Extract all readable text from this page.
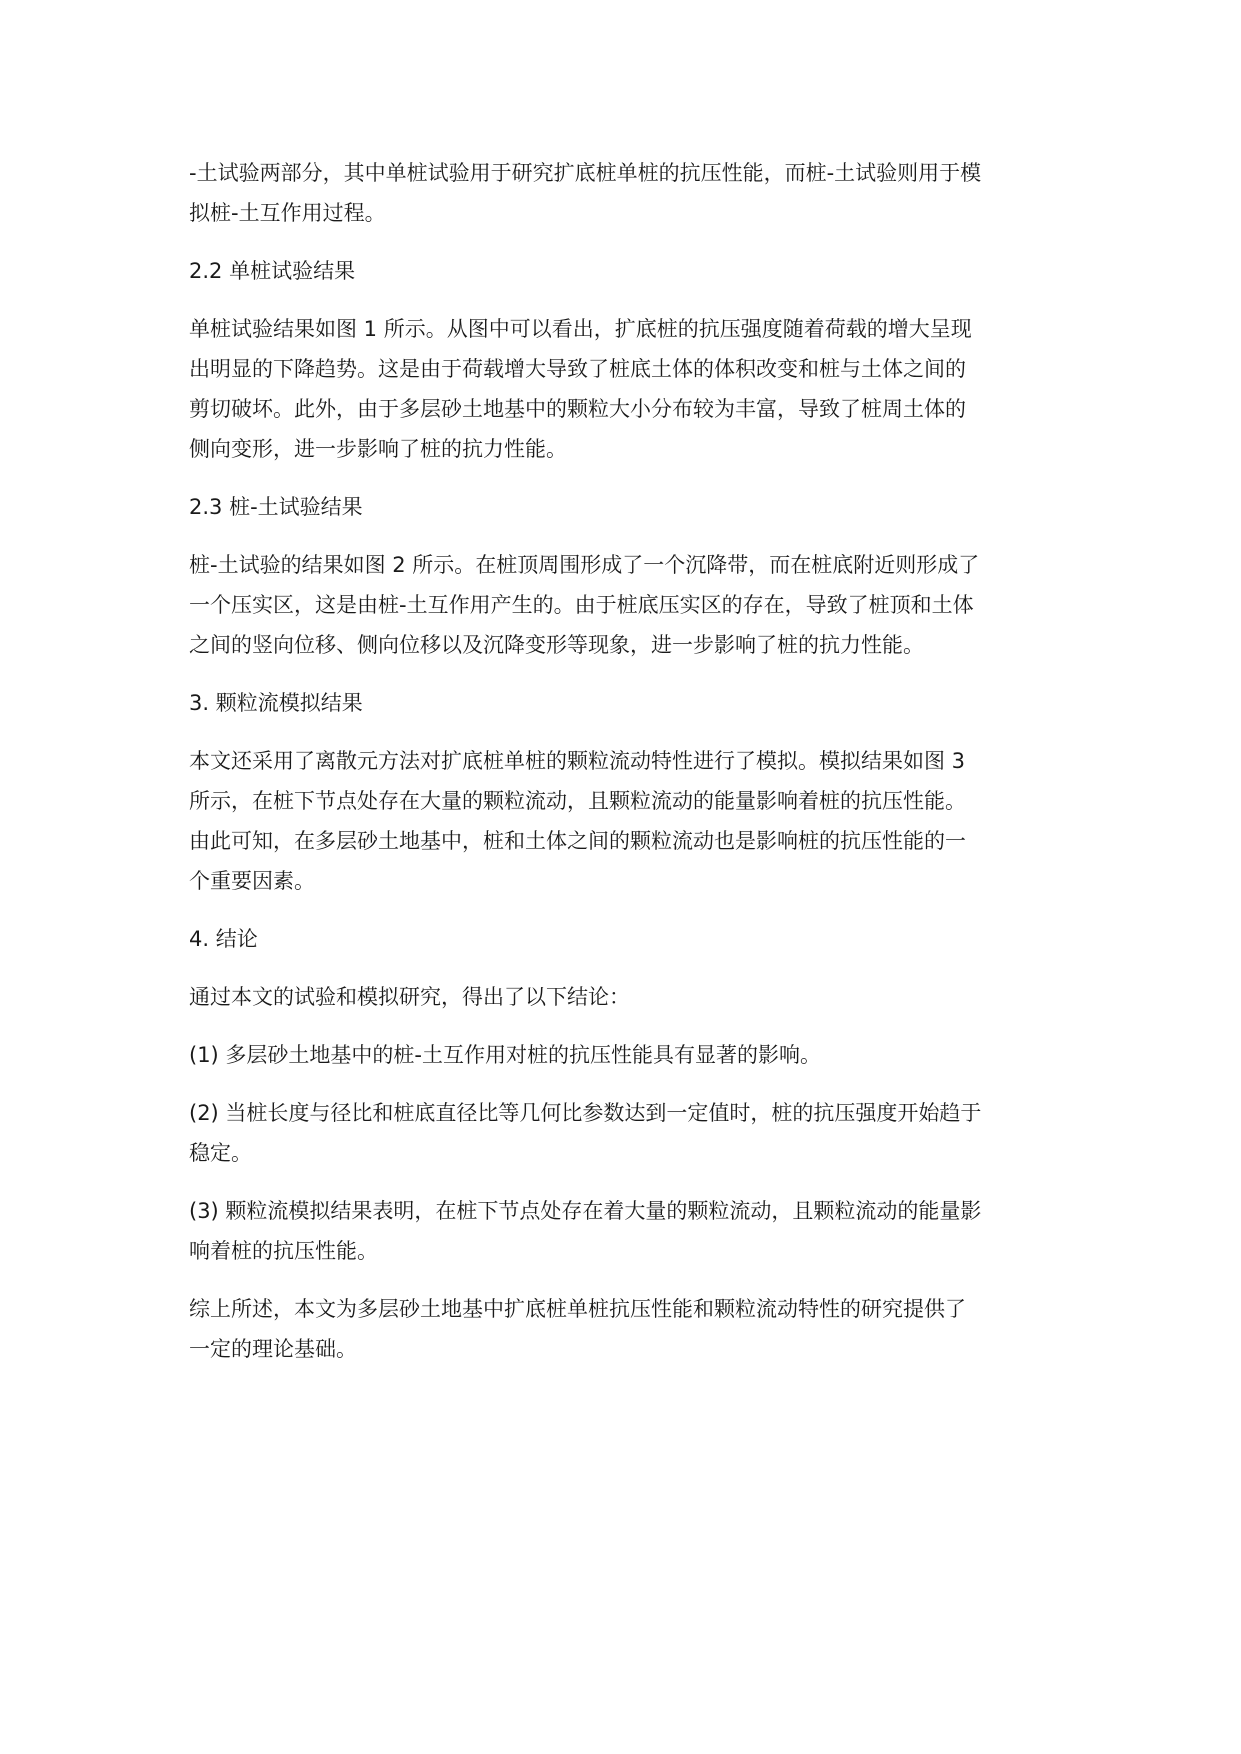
-土试验两部分，其中单桩试验用于研究扩底桩单桩的抗压性能，而桩-土试验则用于模
拟桩-土互作用过程。

2.2 单桩试验结果

单桩试验结果如图 1 所示。从图中可以看出，扩底桩的抗压强度随着荷载的增大呈现
出明显的下降趋势。这是由于荷载增大导致了桩底土体的体积改变和桩与土体之间的
剪切破坏。此外，由于多层砂土地基中的颗粒大小分布较为丰富，导致了桩周土体的
侧向变形，进一步影响了桩的抗力性能。

2.3 桩-土试验结果

桩-土试验的结果如图 2 所示。在桩顶周围形成了一个沉降带，而在桩底附近则形成了
一个压实区，这是由桩-土互作用产生的。由于桩底压实区的存在，导致了桩顶和土体
之间的竖向位移、侧向位移以及沉降变形等现象，进一步影响了桩的抗力性能。

3. 颗粒流模拟结果

本文还采用了离散元方法对扩底桩单桩的颗粒流动特性进行了模拟。模拟结果如图 3
所示，在桩下节点处存在大量的颗粒流动，且颗粒流动的能量影响着桩的抗压性能。
由此可知，在多层砂土地基中，桩和土体之间的颗粒流动也是影响桩的抗压性能的一
个重要因素。

4. 结论

通过本文的试验和模拟研究，得出了以下结论：

(1) 多层砂土地基中的桩-土互作用对桩的抗压性能具有显著的影响。

(2) 当桩长度与径比和桩底直径比等几何比参数达到一定值时，桩的抗压强度开始趋于
稳定。

(3) 颗粒流模拟结果表明，在桩下节点处存在着大量的颗粒流动，且颗粒流动的能量影
响着桩的抗压性能。

综上所述，本文为多层砂土地基中扩底桩单桩抗压性能和颗粒流动特性的研究提供了
一定的理论基础。
